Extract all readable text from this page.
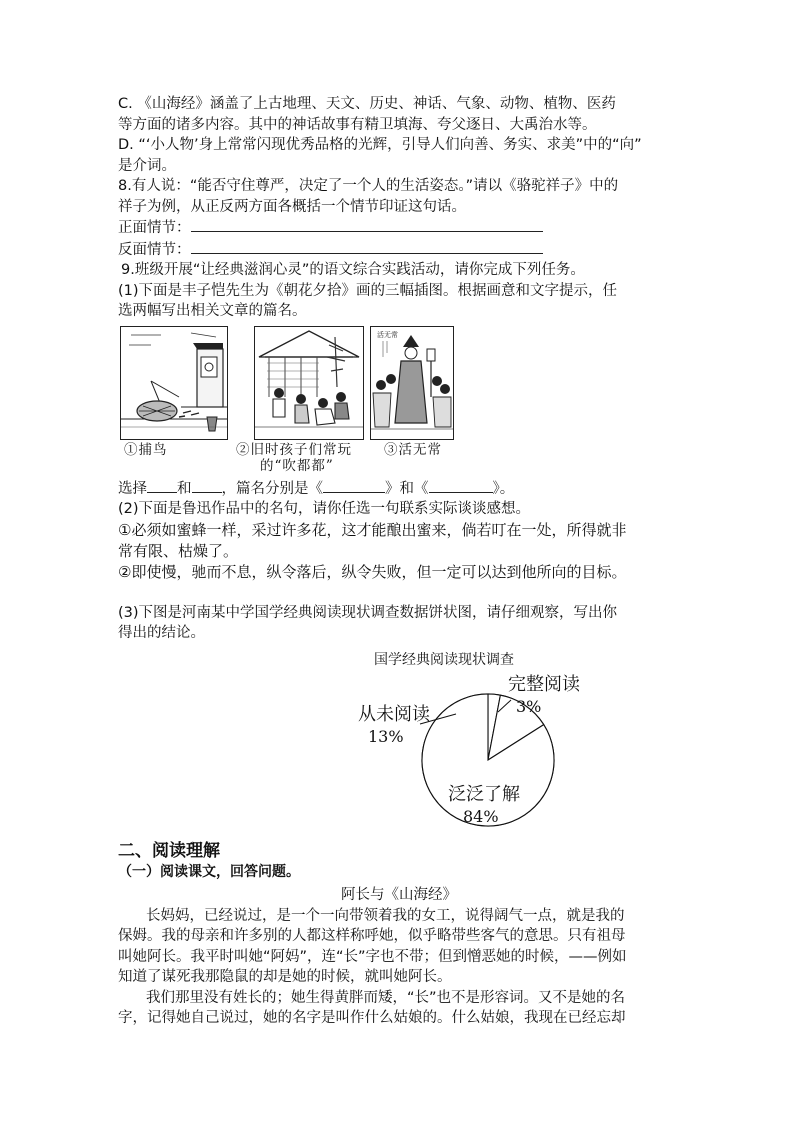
C. 《山海经》涵盖了上古地理、天文、历史、神话、气象、动物、植物、医药
等方面的诸多内容。其中的神话故事有精卫填海、夸父逐日、大禹治水等。
D. “‘小人物’身上常常闪现优秀品格的光辉，引导人们向善、务实、求美”中的“向”
是介词。
8.有人说：“能否守住尊严，决定了一个人的生活姿态。”请以《骆驼祥子》中的
祥子为例，从正反两方面各概括一个情节印证这句话。
正面情节：
反面情节：
9.班级开展“让经典滋润心灵”的语文综合实践活动，请你完成下列任务。
(1)下面是丰子恺先生为《朝花夕拾》画的三幅插图。根据画意和文字提示，任
选两幅写出相关文章的篇名。
活无常
①捕鸟	②旧时孩子们常玩
的“吹都都”
③活无常
选择 和 ，篇名分别是《	》和《	》。
(2)下面是鲁迅作品中的名句，请你任选一句联系实际谈谈感想。
①必须如蜜蜂一样，采过许多花，这才能酿出蜜来，倘若叮在一处，所得就非
常有限、枯燥了。
②即使慢，驰而不息，纵令落后，纵令失败，但一定可以达到他所向的目标。
(3)下图是河南某中学国学经典阅读现状调查数据饼状图，请仔细观察，写出你
得出的结论。
国学经典阅读现状调查
完整阅读
3%
从未阅读
13%
泛泛了解
84%
二、阅读理解
（一）阅读课文，回答问题。
阿长与《山海经》
长妈妈，已经说过，是一个一向带领着我的女工，说得阔气一点，就是我的
保姆。我的母亲和许多别的人都这样称呼她，似乎略带些客气的意思。只有祖母
叫她阿长。我平时叫她“阿妈”，连“长”字也不带；但到憎恶她的时候，——例如
知道了谋死我那隐鼠的却是她的时候，就叫她阿长。
我们那里没有姓长的；她生得黄胖而矮，“长”也不是形容词。又不是她的名
字，记得她自己说过，她的名字是叫作什么姑娘的。什么姑娘，我现在已经忘却
